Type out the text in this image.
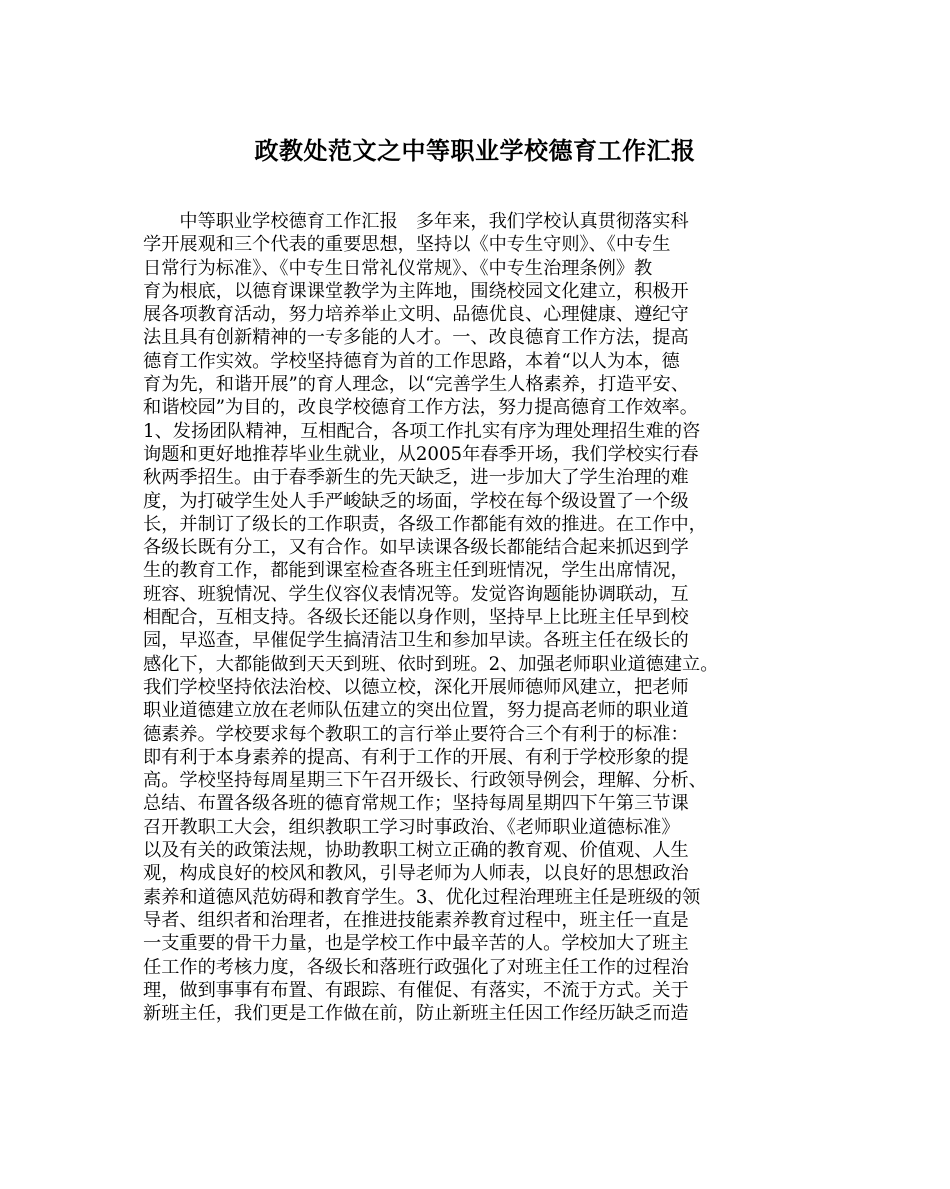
政教处范文之中等职业学校德育工作汇报
　　中等职业学校德育工作汇报　多年来，我们学校认真贯彻落实科
学开展观和三个代表的重要思想，坚持以《中专生守则》、《中专生
日常行为标准》、《中专生日常礼仪常规》、《中专生治理条例》教
育为根底，以德育课课堂教学为主阵地，围绕校园文化建立，积极开
展各项教育活动，努力培养举止文明、品德优良、心理健康、遵纪守
法且具有创新精神的一专多能的人才。一、改良德育工作方法，提高
德育工作实效。学校坚持德育为首的工作思路，本着“以人为本，德
育为先，和谐开展”的育人理念，以“完善学生人格素养，打造平安、
和谐校园”为目的，改良学校德育工作方法，努力提高德育工作效率。
1、发扬团队精神，互相配合，各项工作扎实有序为理处理招生难的咨
询题和更好地推荐毕业生就业，从2005年春季开场，我们学校实行春
秋两季招生。由于春季新生的先天缺乏，进一步加大了学生治理的难
度，为打破学生处人手严峻缺乏的场面，学校在每个级设置了一个级
长，并制订了级长的工作职责，各级工作都能有效的推进。在工作中，
各级长既有分工，又有合作。如早读课各级长都能结合起来抓迟到学
生的教育工作，都能到课室检查各班主任到班情况，学生出席情况，
班容、班貌情况、学生仪容仪表情况等。发觉咨询题能协调联动，互
相配合，互相支持。各级长还能以身作则，坚持早上比班主任早到校
园，早巡查，早催促学生搞清洁卫生和参加早读。各班主任在级长的
感化下，大都能做到天天到班、依时到班。2、加强老师职业道德建立。
我们学校坚持依法治校、以德立校，深化开展师德师风建立，把老师
职业道德建立放在老师队伍建立的突出位置，努力提高老师的职业道
德素养。学校要求每个教职工的言行举止要符合三个有利于的标准：
即有利于本身素养的提高、有利于工作的开展、有利于学校形象的提
高。学校坚持每周星期三下午召开级长、行政领导例会，理解、分析、
总结、布置各级各班的德育常规工作；坚持每周星期四下午第三节课
召开教职工大会，组织教职工学习时事政治、《老师职业道德标准》
以及有关的政策法规，协助教职工树立正确的教育观、价值观、人生
观，构成良好的校风和教风，引导老师为人师表，以良好的思想政治
素养和道德风范妨碍和教育学生。3、优化过程治理班主任是班级的领
导者、组织者和治理者，在推进技能素养教育过程中，班主任一直是
一支重要的骨干力量，也是学校工作中最辛苦的人。学校加大了班主
任工作的考核力度，各级长和落班行政强化了对班主任工作的过程治
理，做到事事有布置、有跟踪、有催促、有落实，不流于方式。关于
新班主任，我们更是工作做在前，防止新班主任因工作经历缺乏而造
